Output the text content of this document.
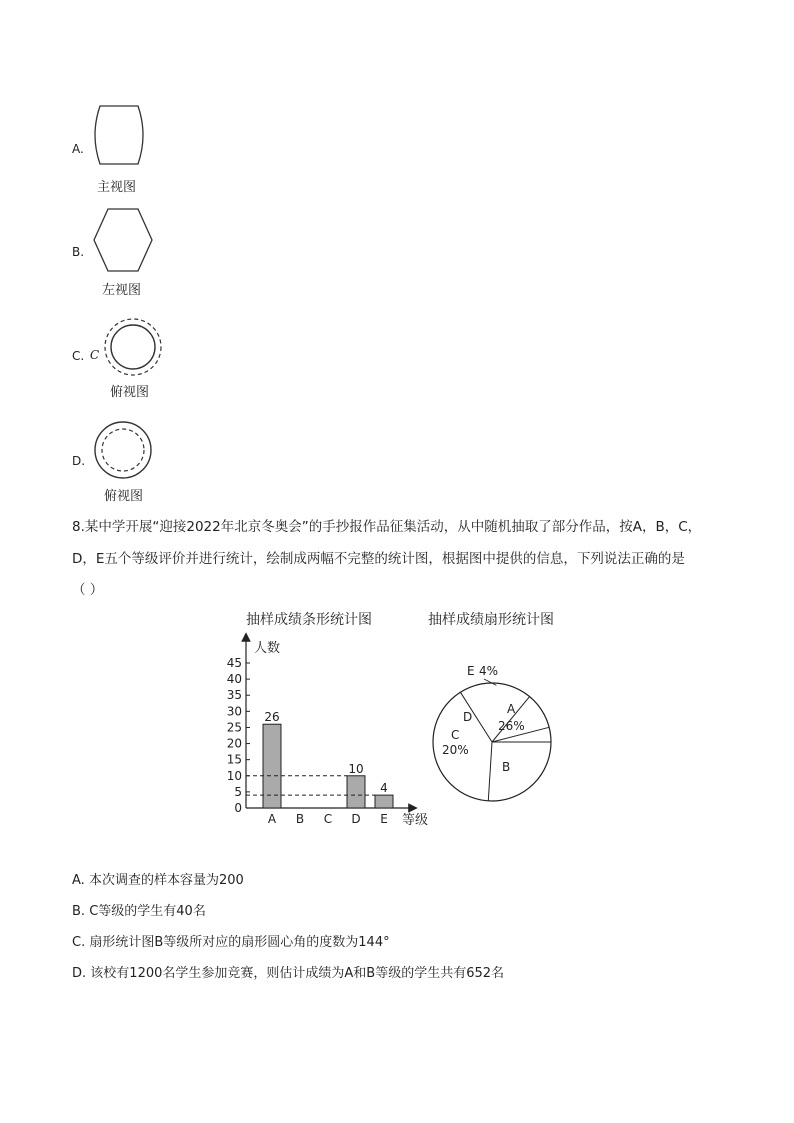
A.
主视图
B.
左视图
C. C
俯视图
D.
俯视图
8.某中学开展“迎接2022年北京冬奥会”的手抄报作品征集活动，从中随机抽取了部分作品，按A，B，C，
D，E五个等级评价并进行统计，绘制成两幅不完整的统计图，根据图中提供的信息，下列说法正确的是
（ ）
抽样成绩条形统计图	抽样成绩扇形统计图
人数
等级
0
5
10
15
20
25
30
35
40
45
A
26
B C D
10
E
4
A
26%
B
C
20%
D
E 4%
A. 本次调查的样本容量为200
B. C等级的学生有40名
C. 扇形统计图B等级所对应的扇形圆心角的度数为144°
D. 该校有1200名学生参加竞赛，则估计成绩为A和B等级的学生共有652名
